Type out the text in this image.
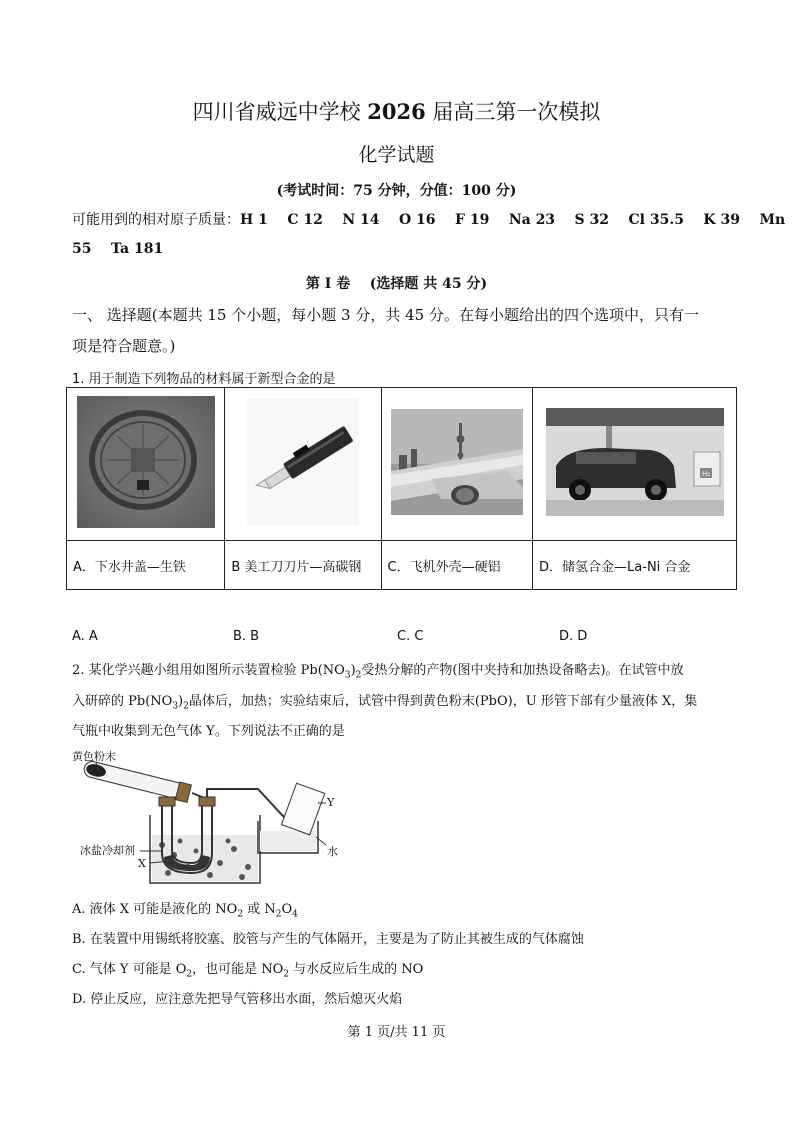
四川省威远中学校 2026 届高三第一次模拟
化学试题
(考试时间：75 分钟，分值：100 分)
可能用到的相对原子质量：H 1    C 12    N 14    O 16    F 19    Na 23    S 32    Cl 35.5    K 39    Mn
55    Ta 181
第 I 卷    (选择题 共 45 分)
一、 选择题(本题共 15 个小题，每小题 3 分，共 45 分。在每小题给出的四个选项中，只有一
项是符合题意。)
1. 用于制造下列物品的材料属于新型合金的是

H₂

A．下水井盖—生铁	B 美工刀刀片—高碳钢	C．飞机外壳—硬铝	D．储氢合金—La-Ni 合金
A. A	B. B	C. C	D. D
2. 某化学兴趣小组用如图所示装置检验 $Pb(NO_3)_2$受热分解的产物(图中夹持和加热设备略去)。在试管中放
入研碎的 $Pb(NO_3)_2$晶体后，加热；实验结束后，试管中得到黄色粉末(PbO)，U 形管下部有少量液体 X，集
气瓶中收集到无色气体 Y。下列说法不正确的是
黄色粉末
冰盐冷却剂
X
Y
水
A. 液体 X 可能是液化的 $NO_2$ 或 $N_2O_4$
B. 在装置中用锡纸将胶塞、胶管与产生的气体隔开，主要是为了防止其被生成的气体腐蚀
C. 气体 Y 可能是 $O_2$，也可能是 $NO_2$ 与水反应后生成的 NO
D. 停止反应，应注意先把导气管移出水面，然后熄灭火焰
第 1 页/共 11 页
